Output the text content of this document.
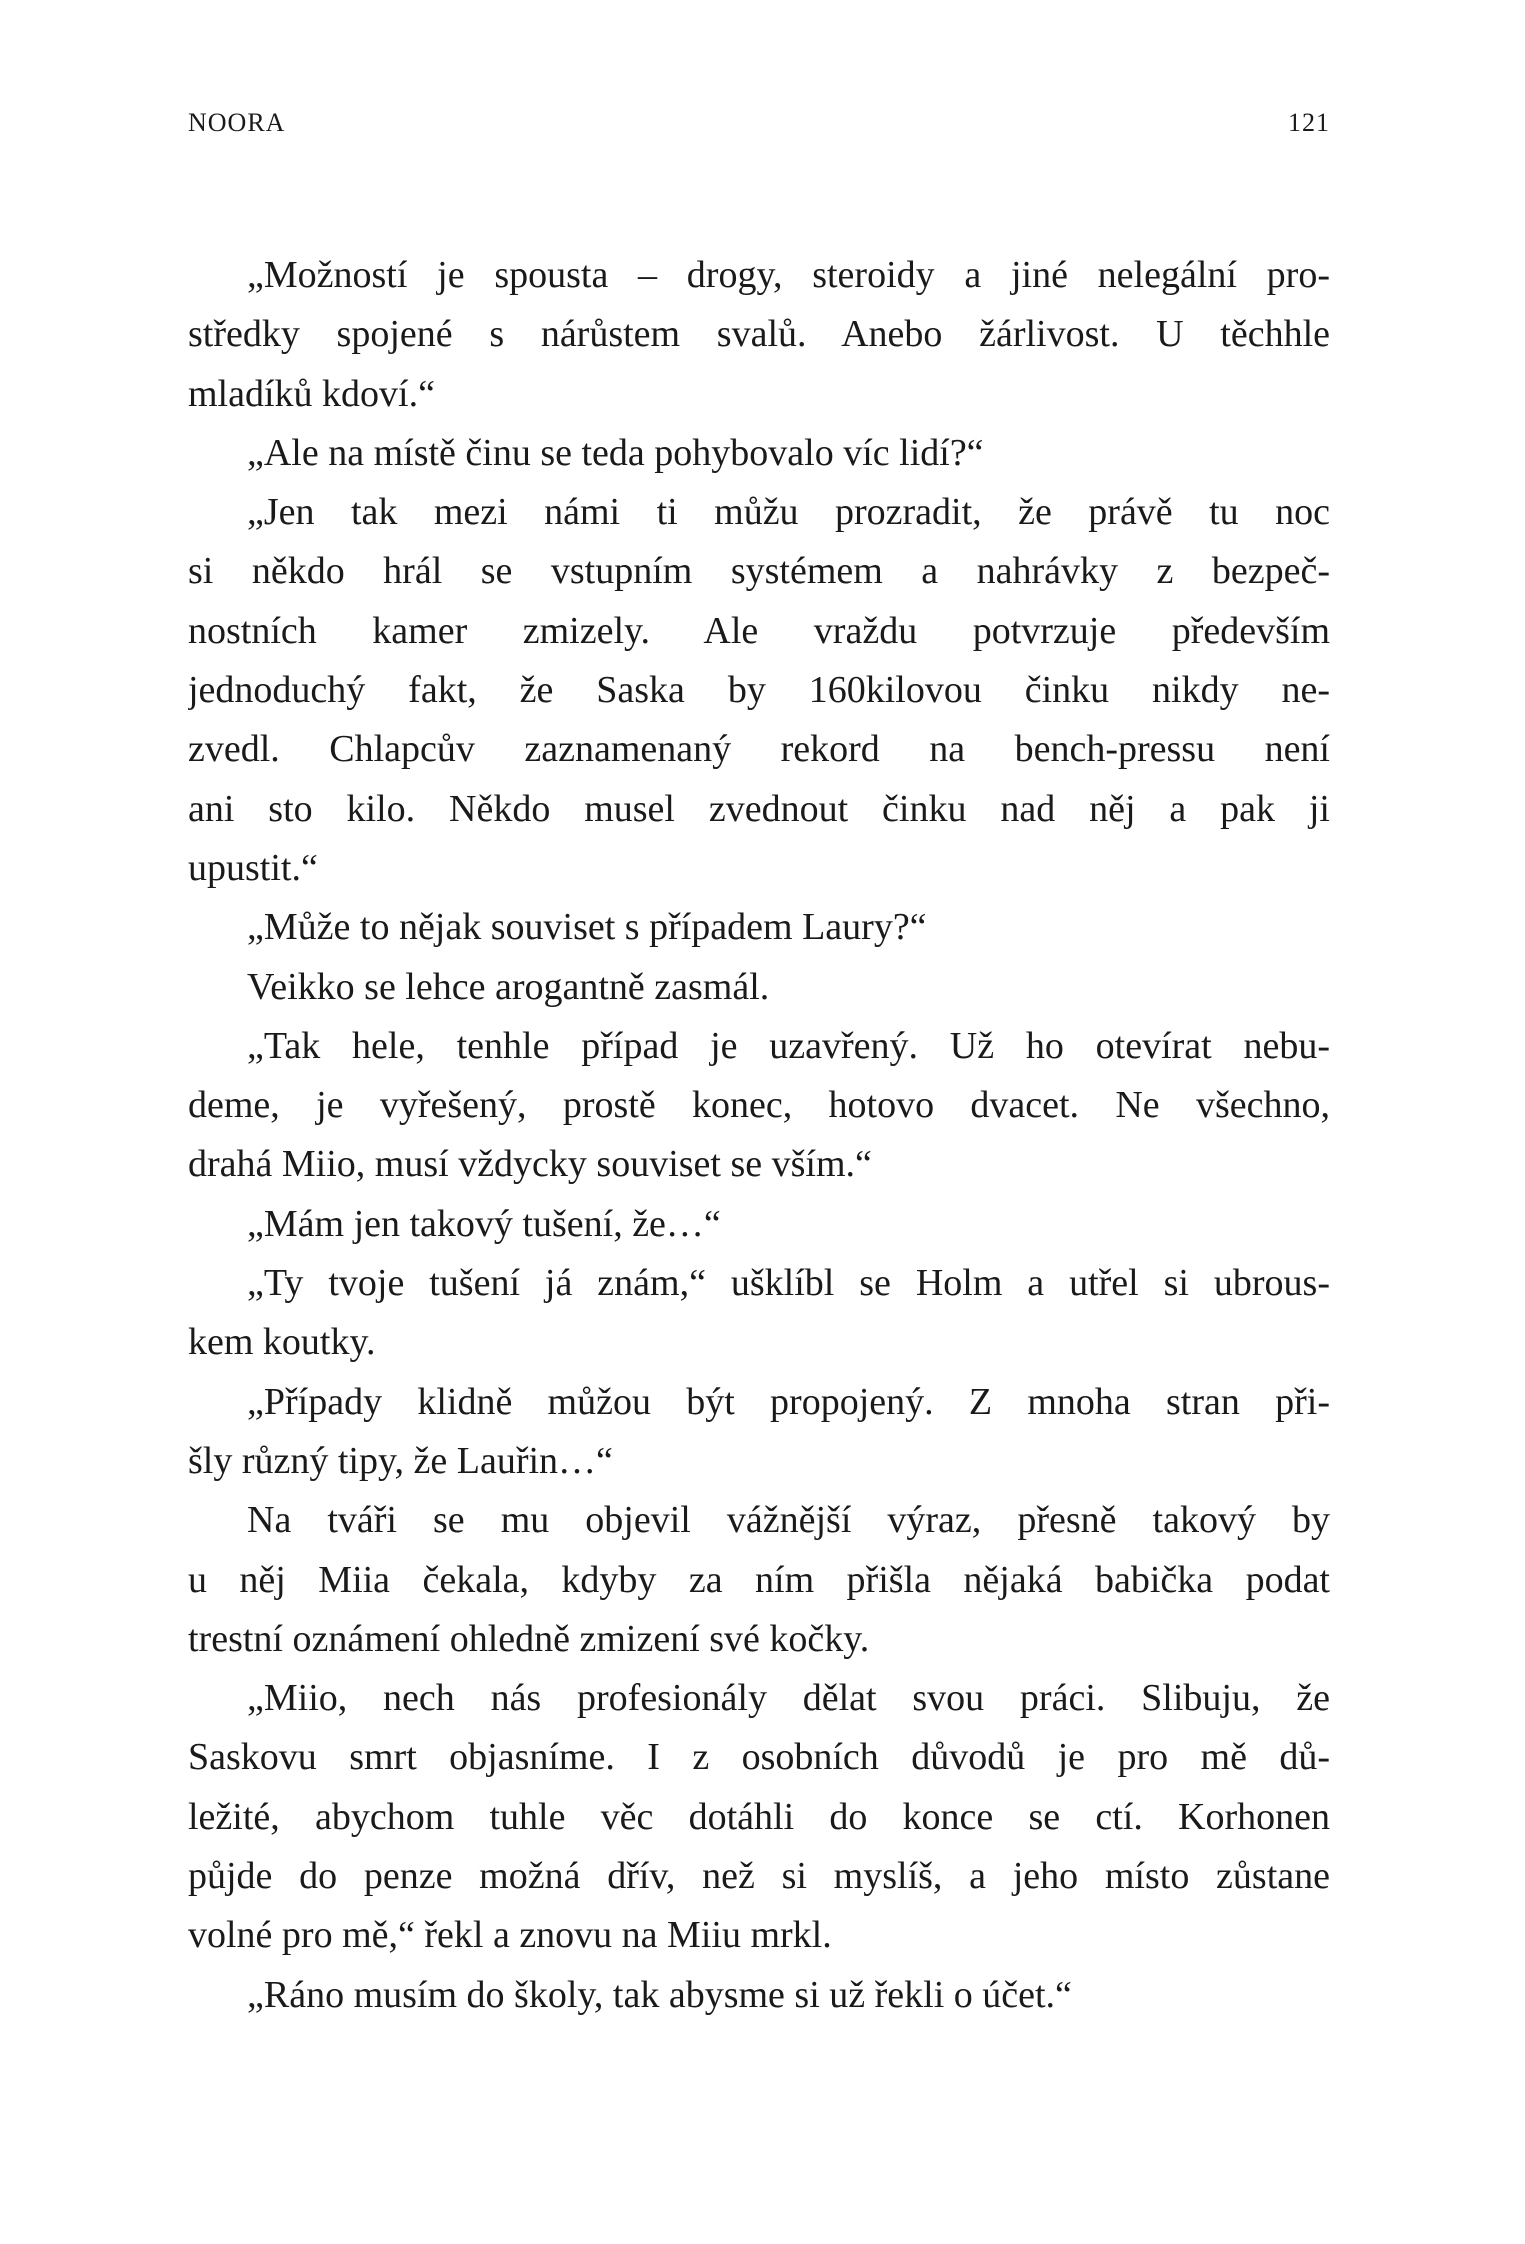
NOORA	121
„Možností je spousta – drogy, steroidy a jiné nelegální pro-
středky spojené s nárůstem svalů. Anebo žárlivost. U těchhle
mladíků kdoví.“
„Ale na místě činu se teda pohybovalo víc lidí?“
„Jen tak mezi námi ti můžu prozradit, že právě tu noc
si někdo hrál se vstupním systémem a nahrávky z bezpeč-
nostních kamer zmizely. Ale vraždu potvrzuje především
jednoduchý fakt, že Saska by 160kilovou činku nikdy ne-
zvedl. Chlapcův zaznamenaný rekord na bench-pressu není
ani sto kilo. Někdo musel zvednout činku nad něj a pak ji
upustit.“
„Může to nějak souviset s případem Laury?“
Veikko se lehce arogantně zasmál.
„Tak hele, tenhle případ je uzavřený. Už ho otevírat nebu-
deme, je vyřešený, prostě konec, hotovo dvacet. Ne všechno,
drahá Miio, musí vždycky souviset se vším.“
„Mám jen takový tušení, že…“
„Ty tvoje tušení já znám,“ ušklíbl se Holm a utřel si ubrous-
kem koutky.
„Případy klidně můžou být propojený. Z mnoha stran při-
šly různý tipy, že Lauřin…“
Na tváři se mu objevil vážnější výraz, přesně takový by
u něj Miia čekala, kdyby za ním přišla nějaká babička podat
trestní oznámení ohledně zmizení své kočky.
„Miio, nech nás profesionály dělat svou práci. Slibuju, že
Saskovu smrt objasníme. I z osobních důvodů je pro mě dů-
ležité, abychom tuhle věc dotáhli do konce se ctí. Korhonen
půjde do penze možná dřív, než si myslíš, a jeho místo zůstane
volné pro mě,“ řekl a znovu na Miiu mrkl.
„Ráno musím do školy, tak abysme si už řekli o účet.“
